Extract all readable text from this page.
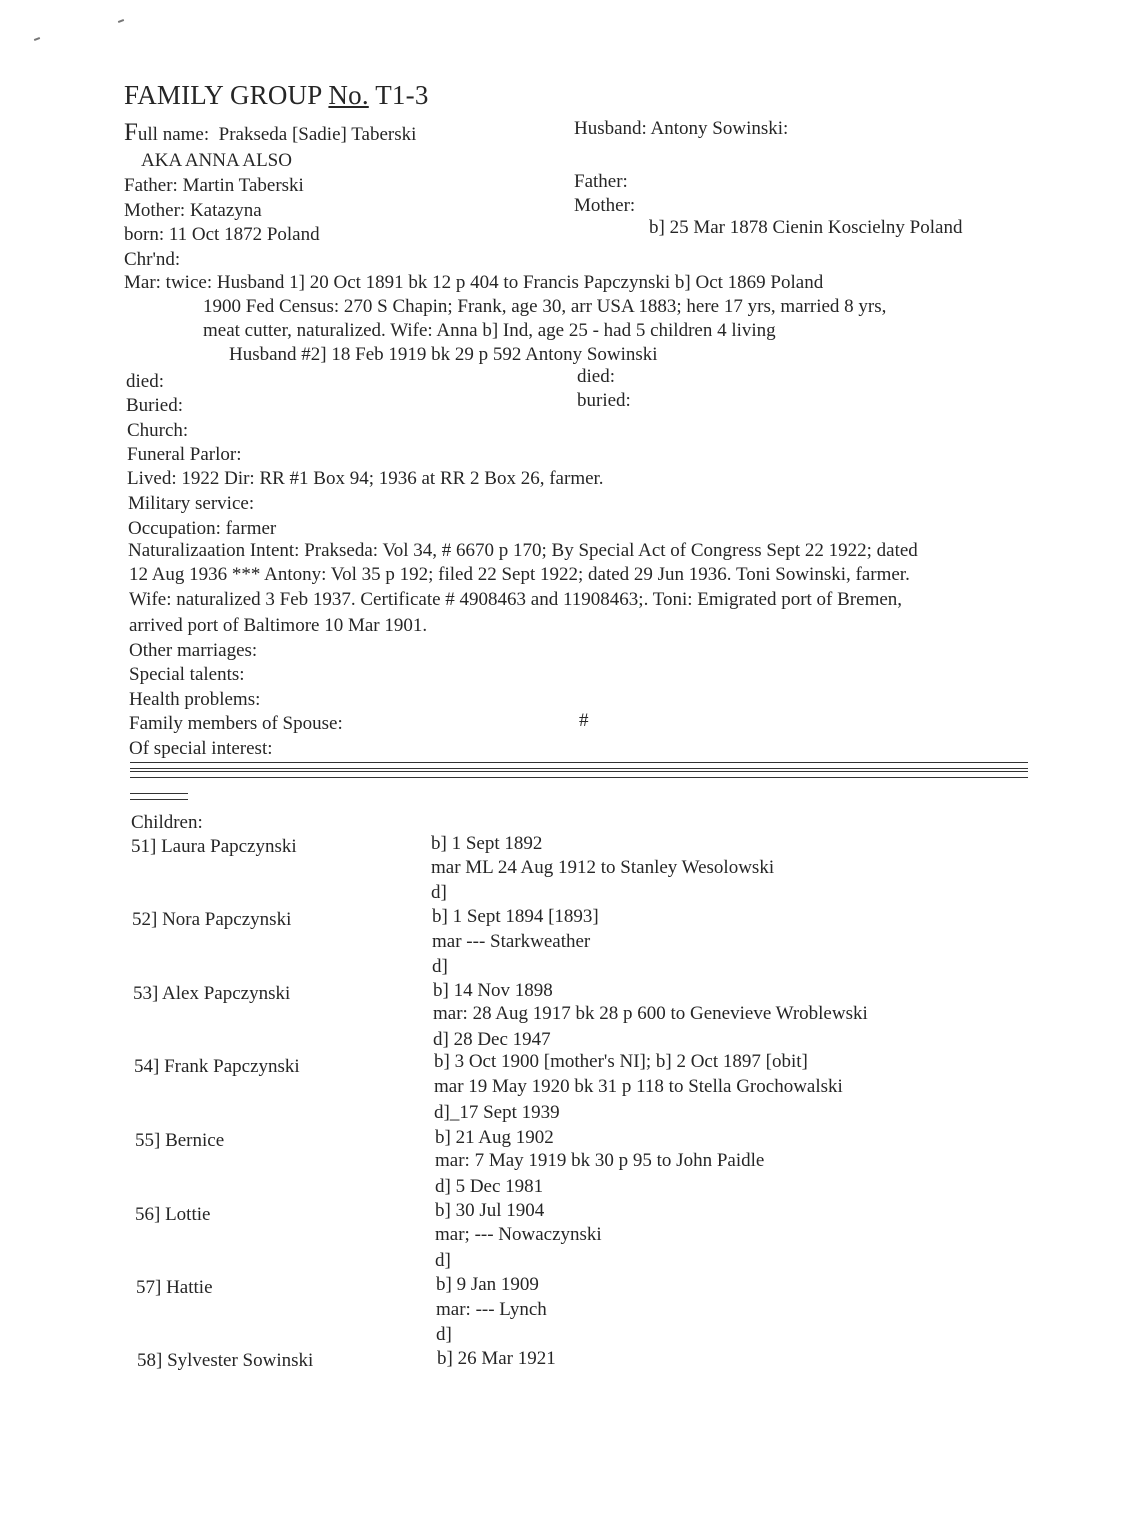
FAMILY GROUP No. T1-3
Full name: Prakseda [Sadie] Taberski
AKA ANNA ALSO
Father: Martin Taberski
Mother: Katazyna
born: 11 Oct 1872 Poland
Chr'nd:
Mar: twice: Husband 1] 20 Oct 1891 bk 12 p 404 to Francis Papczynski b] Oct 1869 Poland
1900 Fed Census: 270 S Chapin; Frank, age 30, arr USA 1883; here 17 yrs, married 8 yrs,
meat cutter, naturalized. Wife: Anna b] Ind, age 25 - had 5 children 4 living
Husband #2] 18 Feb 1919 bk 29 p 592 Antony Sowinski
died:
Buried:
Church:
Funeral Parlor:
Lived: 1922 Dir: RR #1 Box 94; 1936 at RR 2 Box 26, farmer.
Military service:
Occupation: farmer
Naturalizaation Intent: Prakseda: Vol 34, # 6670 p 170; By Special Act of Congress Sept 22 1922; dated
12 Aug 1936 *** Antony: Vol 35 p 192; filed 22 Sept 1922; dated 29 Jun 1936. Toni Sowinski, farmer.
Wife: naturalized 3 Feb 1937. Certificate # 4908463 and 11908463;. Toni: Emigrated port of Bremen,
arrived port of Baltimore 10 Mar 1901.
Other marriages:
Special talents:
Health problems:
Family members of Spouse:	#
Of special interest:
Husband: Antony Sowinski:
Father:
Mother:
b] 25 Mar 1878 Cienin Koscielny Poland
died:
buried:
Children:
51] Laura Papczynski	b] 1 Sept 1892
mar ML 24 Aug 1912 to Stanley Wesolowski
d]
52] Nora Papczynski	b] 1 Sept 1894 [1893]
mar --- Starkweather
d]
53] Alex Papczynski	b] 14 Nov 1898
mar: 28 Aug 1917 bk 28 p 600 to Genevieve Wroblewski
d] 28 Dec 1947
54] Frank Papczynski	b] 3 Oct 1900 [mother's NI]; b] 2 Oct 1897 [obit]
mar 19 May 1920 bk 31 p 118 to Stella Grochowalski
d]_17 Sept 1939
55] Bernice	b] 21 Aug 1902
mar: 7 May 1919 bk 30 p 95 to John Paidle
d] 5 Dec 1981
56] Lottie	b] 30 Jul 1904
mar; --- Nowaczynski
d]
57] Hattie	b] 9 Jan 1909
mar: --- Lynch
d]
58] Sylvester Sowinski	b] 26 Mar 1921
